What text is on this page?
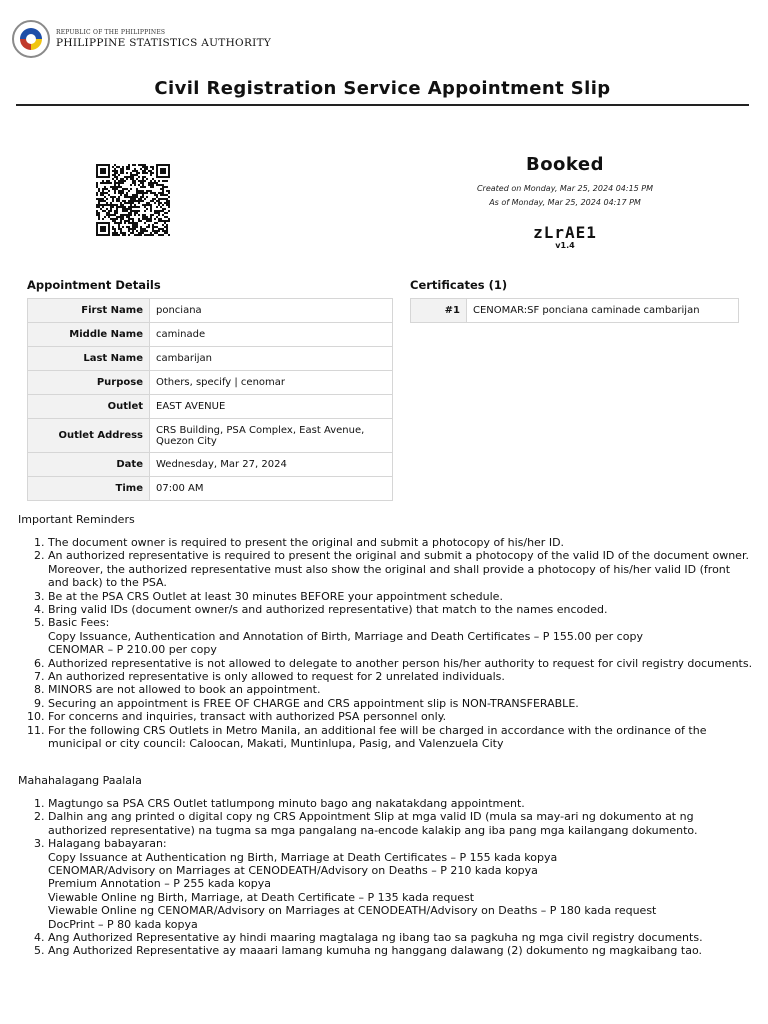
REPUBLIC OF THE PHILIPPINES
PHILIPPINE STATISTICS AUTHORITY
Civil Registration Service Appointment Slip
Booked
Created on Monday, Mar 25, 2024 04:15 PM
As of Monday, Mar 25, 2024 04:17 PM
zLrAE1
v1.4
Appointment Details
First Name	ponciana
Middle Name	caminade
Last Name	cambarijan
Purpose	Others, specify | cenomar
Outlet	EAST AVENUE
Outlet Address	CRS Building, PSA Complex, East Avenue, Quezon City
Date	Wednesday, Mar 27, 2024
Time	07:00 AM
Certificates (1)
#1	CENOMAR:SF ponciana caminade cambarijan
Important Reminders
1. The document owner is required to present the original and submit a photocopy of his/her ID.
2. An authorized representative is required to present the original and submit a photocopy of the valid ID of the document owner. Moreover, the authorized representative must also show the original and shall provide a photocopy of his/her valid ID (front and back) to the PSA.
3. Be at the PSA CRS Outlet at least 30 minutes BEFORE your appointment schedule.
4. Bring valid IDs (document owner/s and authorized representative) that match to the names encoded.
5. Basic Fees:
Copy Issuance, Authentication and Annotation of Birth, Marriage and Death Certificates – P 155.00 per copy
CENOMAR – P 210.00 per copy
6. Authorized representative is not allowed to delegate to another person his/her authority to request for civil registry documents.
7. An authorized representative is only allowed to request for 2 unrelated individuals.
8. MINORS are not allowed to book an appointment.
9. Securing an appointment is FREE OF CHARGE and CRS appointment slip is NON-TRANSFERABLE.
10. For concerns and inquiries, transact with authorized PSA personnel only.
11. For the following CRS Outlets in Metro Manila, an additional fee will be charged in accordance with the ordinance of the municipal or city council: Caloocan, Makati, Muntinlupa, Pasig, and Valenzuela City
Mahahalagang Paalala
1. Magtungo sa PSA CRS Outlet tatlumpong minuto bago ang nakatakdang appointment.
2. Dalhin ang ang printed o digital copy ng CRS Appointment Slip at mga valid ID (mula sa may-ari ng dokumento at ng authorized representative) na tugma sa mga pangalang na-encode kalakip ang iba pang mga kailangang dokumento.
3. Halagang babayaran:
Copy Issuance at Authentication ng Birth, Marriage at Death Certificates – P 155 kada kopya
CENOMAR/Advisory on Marriages at CENODEATH/Advisory on Deaths – P 210 kada kopya
Premium Annotation – P 255 kada kopya
Viewable Online ng Birth, Marriage, at Death Certificate – P 135 kada request
Viewable Online ng CENOMAR/Advisory on Marriages at CENODEATH/Advisory on Deaths – P 180 kada request
DocPrint – P 80 kada kopya
4. Ang Authorized Representative ay hindi maaring magtalaga ng ibang tao sa pagkuha ng mga civil registry documents.
5. Ang Authorized Representative ay maaari lamang kumuha ng hanggang dalawang (2) dokumento ng magkaibang tao.
